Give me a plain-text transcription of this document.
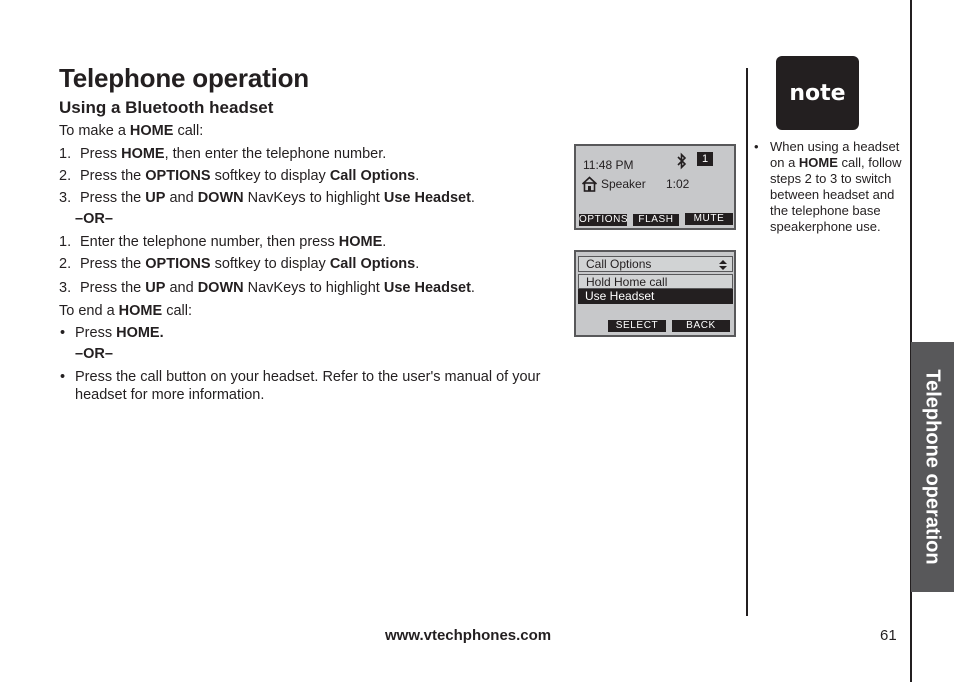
Telephone operation
Using a Bluetooth headset
To make a HOME call:
1. Press HOME, then enter the telephone number.
2. Press the OPTIONS softkey to display Call Options.
3. Press the UP and DOWN NavKeys to highlight Use Headset.
–OR–
1. Enter the telephone number, then press HOME.
2. Press the OPTIONS softkey to display Call Options.
3. Press the UP and DOWN NavKeys to highlight Use Headset.
To end a HOME call:
• Press HOME.
–OR–
• Press the call button on your headset. Refer to the user's manual of your
headset for more information.
11:48 PM	1
Speaker 1:02
OPTIONS	FLASH	MUTE
Call Options
Hold Home call
Use Headset
SELECT	BACK
note
• When using a headset on a HOME call, follow steps 2 to 3 to switch between headset and the telephone base speakerphone use.
Telephone operation
www.vtechphones.com	61
